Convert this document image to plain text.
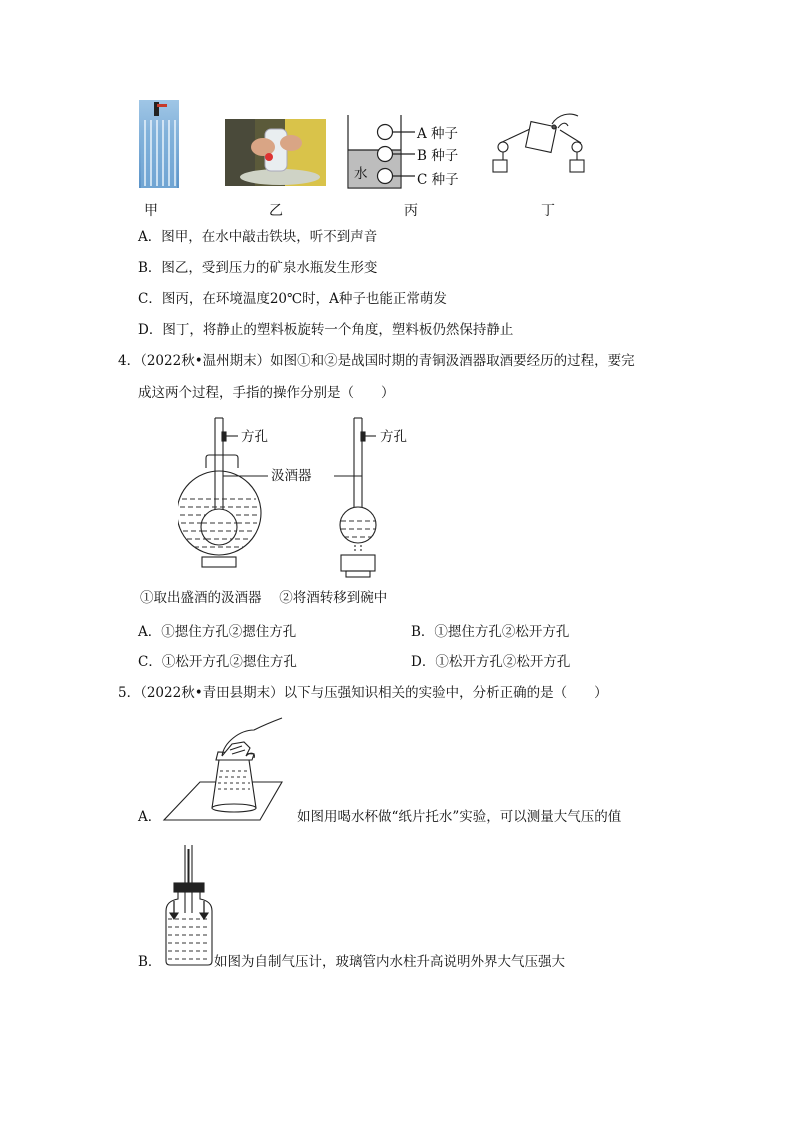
A 种子
B 种子
C 种子
水
甲	乙	丙	丁
A．图甲，在水中敲击铁块，听不到声音
B．图乙，受到压力的矿泉水瓶发生形变
C．图丙，在环境温度20℃时，A种子也能正常萌发
D．图丁，将静止的塑料板旋转一个角度，塑料板仍然保持静止
4．（2022秋•温州期末）如图①和②是战国时期的青铜汲酒器取酒要经历的过程，要完
成这两个过程，手指的操作分别是（　　）
方孔	方孔
汲酒器
①取出盛酒的汲酒器　 ②将酒转移到碗中
A．①摁住方孔②摁住方孔	B．①摁住方孔②松开方孔
C．①松开方孔②摁住方孔	D．①松开方孔②松开方孔
5．（2022秋•青田县期末）以下与压强知识相关的实验中，分析正确的是（　　）
A．	如图用喝水杯做“纸片托水”实验，可以测量大气压的值
B．	如图为自制气压计，玻璃管内水柱升高说明外界大气压强大
